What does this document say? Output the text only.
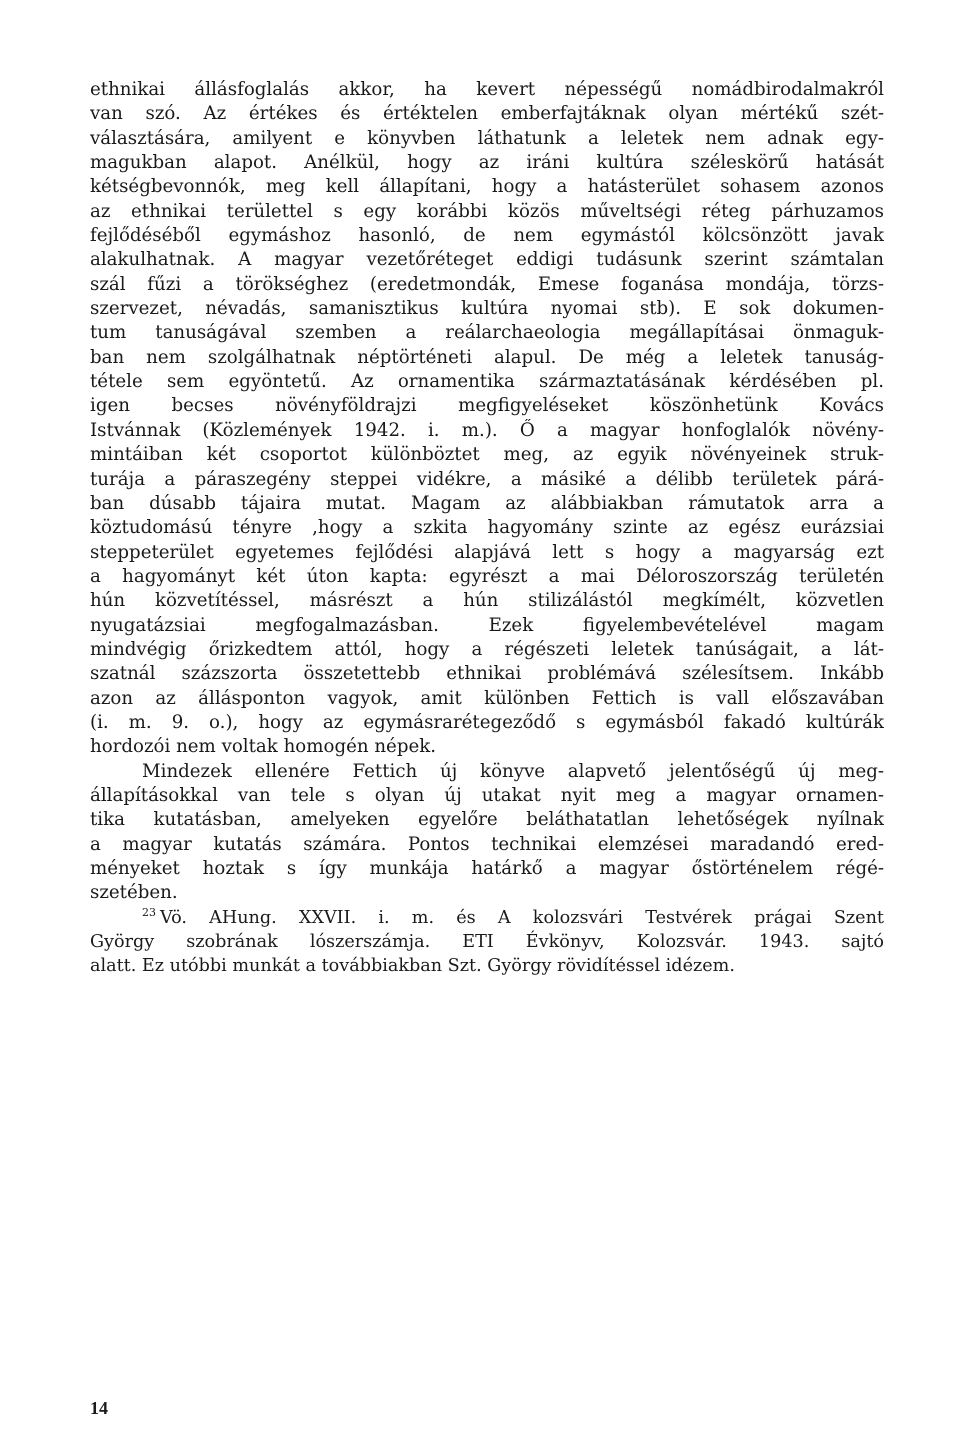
ethnikai állásfoglalás akkor, ha kevert népességű nomádbirodalmakról
van szó. Az értékes és értéktelen emberfajtáknak olyan mértékű szét-
választására, amilyent e könyvben láthatunk a leletek nem adnak egy-
magukban alapot. Anélkül, hogy az iráni kultúra széleskörű hatását
kétségbevonnók, meg kell állapítani, hogy a hatásterület sohasem azonos
az ethnikai területtel s egy korábbi közös műveltségi réteg párhuzamos
fejlődéséből egymáshoz hasonló, de nem egymástól kölcsönzött javak
alakulhatnak. A magyar vezetőréteget eddigi tudásunk szerint számtalan
szál fűzi a törökséghez (eredetmondák, Emese foganása mondája, törzs-
szervezet, névadás, samanisztikus kultúra nyomai stb). E sok dokumen-
tum tanuságával szemben a reálarchaeologia megállapításai önmaguk-
ban nem szolgálhatnak néptörténeti alapul. De még a leletek tanuság-
tétele sem egyöntetű. Az ornamentika származtatásának kérdésében pl.
igen becses növényföldrajzi megfigyeléseket köszönhetünk Kovács
Istvánnak (Közlemények 1942. i. m.). Ő a magyar honfoglalók növény-
mintáiban két csoportot különböztet meg, az egyik növényeinek struk-
turája a páraszegény steppei vidékre, a másiké a délibb területek párá-
ban dúsabb tájaira mutat. Magam az alábbiakban rámutatok arra a
köztudomású tényre ,hogy a szkita hagyomány szinte az egész eurázsiai
steppeterület egyetemes fejlődési alapjává lett s hogy a magyarság ezt
a hagyományt két úton kapta: egyrészt a mai Déloroszország területén
hún közvetítéssel, másrészt a hún stilizálástól megkímélt, közvetlen
nyugatázsiai megfogalmazásban. Ezek figyelembevételével magam
mindvégig őrizkedtem attól, hogy a régészeti leletek tanúságait, a lát-
szatnál százszorta összetettebb ethnikai problémává szélesítsem. Inkább
azon az állásponton vagyok, amit különben Fettich is vall előszavában
(i. m. 9. o.), hogy az egymásrarétegeződő s egymásból fakadó kultúrák
hordozói nem voltak homogén népek.
Mindezek ellenére Fettich új könyve alapvető jelentőségű új meg-
állapításokkal van tele s olyan új utakat nyit meg a magyar ornamen-
tika kutatásban, amelyeken egyelőre beláthatatlan lehetőségek nyílnak
a magyar kutatás számára. Pontos technikai elemzései maradandó ered-
ményeket hoztak s így munkája határkő a magyar őstörténelem régé-
szetében.
$^{23}$ Vö. AHung. XXVII. i. m. és A kolozsvári Testvérek prágai Szent
György szobrának lószerszámja. ETI Évkönyv, Kolozsvár. 1943. sajtó
alatt. Ez utóbbi munkát a továbbiakban Szt. György rövidítéssel idézem.
14
